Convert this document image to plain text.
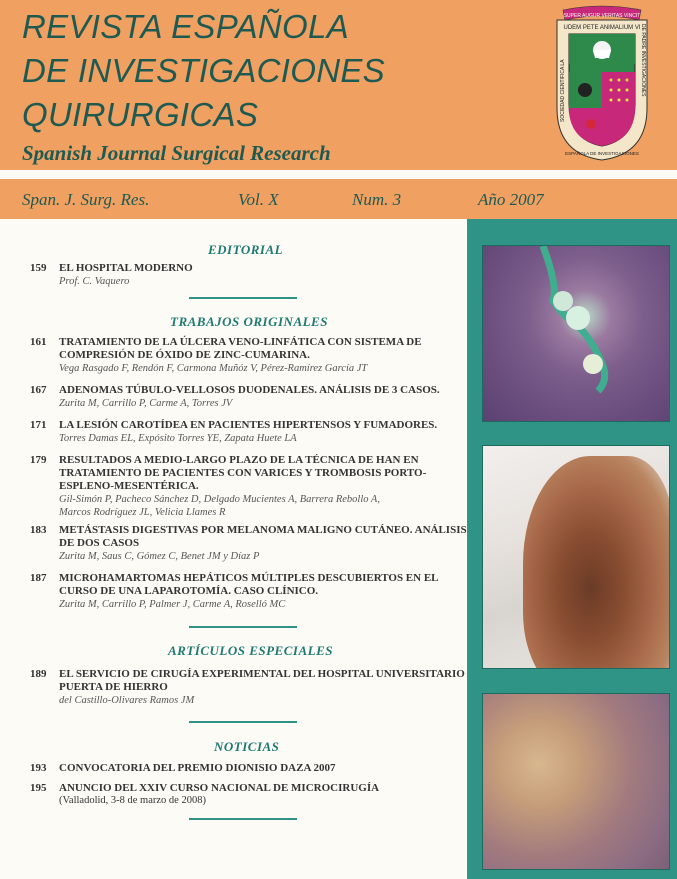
REVISTA ESPAÑOLA
DE INVESTIGACIONES
QUIRURGICAS
Spanish Journal Surgical Research
SUPER AUGUR VERITAS VINCIT
UDEM PETE ANIMALIUM VI
SOCIEDAD CIENTIFICA LA	DE PADRE INVESTIGACIONES
ESPAÑOLA DE INVESTIGACIONES
Span. J. Surg. Res.	Vol. X	Num. 3	Año 2007
EDITORIAL
159 EL HOSPITAL MODERNO
Prof. C. Vaquero
TRABAJOS ORIGINALES
161 TRATAMIENTO DE LA ÚLCERA VENO-LINFÁTICA CON SISTEMA DE
COMPRESIÓN DE ÓXIDO DE ZINC-CUMARINA.
Vega Rasgado F, Rendón F, Carmona Muñóz V, Pérez-Ramírez García JT
167 ADENOMAS TÚBULO-VELLOSOS DUODENALES. ANÁLISIS DE 3 CASOS.
Zurita M, Carrillo P, Carme A, Torres JV
171 LA LESIÓN CAROTÍDEA EN PACIENTES HIPERTENSOS Y FUMADORES.
Torres Damas EL, Expósito Torres YE, Zapata Huete LA
179 RESULTADOS A MEDIO-LARGO PLAZO DE LA TÉCNICA DE HAN EN
TRATAMIENTO DE PACIENTES CON VARICES Y TROMBOSIS PORTO-
ESPLENO-MESENTÉRICA.
Gil-Simón P, Pacheco Sánchez D, Delgado Mucientes A, Barrera Rebollo A,
Marcos Rodríguez JL, Velicia Llames R
183 METÁSTASIS DIGESTIVAS POR MELANOMA MALIGNO CUTÁNEO. ANÁLISIS
DE DOS CASOS
Zurita M, Saus C, Gómez C, Benet JM y Díaz P
187 MICROHAMARTOMAS HEPÁTICOS MÚLTIPLES DESCUBIERTOS EN EL
CURSO DE UNA LAPAROTOMÍA. CASO CLÍNICO.
Zurita M, Carrillo P, Palmer J, Carme A, Roselló MC
ARTÍCULOS ESPECIALES
189 EL SERVICIO DE CIRUGÍA EXPERIMENTAL DEL HOSPITAL UNIVERSITARIO
PUERTA DE HIERRO
del Castillo-Olivares Ramos JM
NOTICIAS
193 CONVOCATORIA DEL PREMIO DIONISIO DAZA 2007
195 ANUNCIO DEL XXIV CURSO NACIONAL DE MICROCIRUGÍA
(Valladolid, 3-8 de marzo de 2008)
